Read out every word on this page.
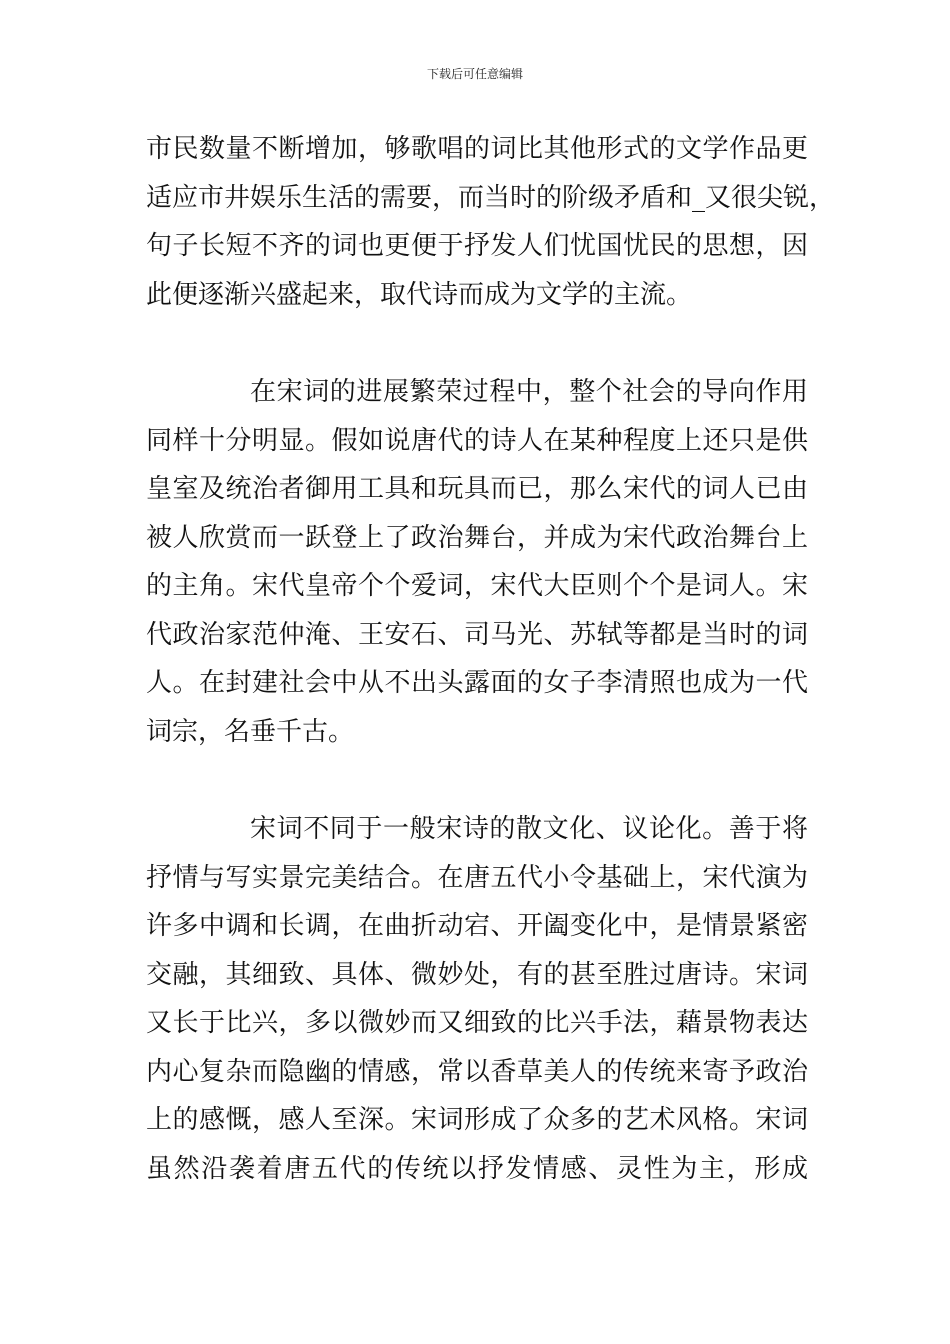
下载后可任意编辑
市民数量不断增加，够歌唱的词比其他形式的文学作品更
适应市井娱乐生活的需要，而当时的阶级矛盾和_又很尖锐，
句子长短不齐的词也更便于抒发人们忧国忧民的思想，因
此便逐渐兴盛起来，取代诗而成为文学的主流。
在宋词的进展繁荣过程中，整个社会的导向作用
同样十分明显。假如说唐代的诗人在某种程度上还只是供
皇室及统治者御用工具和玩具而已，那么宋代的词人已由
被人欣赏而一跃登上了政治舞台，并成为宋代政治舞台上
的主角。宋代皇帝个个爱词，宋代大臣则个个是词人。宋
代政治家范仲淹、王安石、司马光、苏轼等都是当时的词
人。在封建社会中从不出头露面的女子李清照也成为一代
词宗，名垂千古。
宋词不同于一般宋诗的散文化、议论化。善于将
抒情与写实景完美结合。在唐五代小令基础上，宋代演为
许多中调和长调，在曲折动宕、开阖变化中，是情景紧密
交融，其细致、具体、微妙处，有的甚至胜过唐诗。宋词
又长于比兴，多以微妙而又细致的比兴手法，藉景物表达
内心复杂而隐幽的情感，常以香草美人的传统来寄予政治
上的感慨，感人至深。宋词形成了众多的艺术风格。宋词
虽然沿袭着唐五代的传统以抒发情感、灵性为主，形成
